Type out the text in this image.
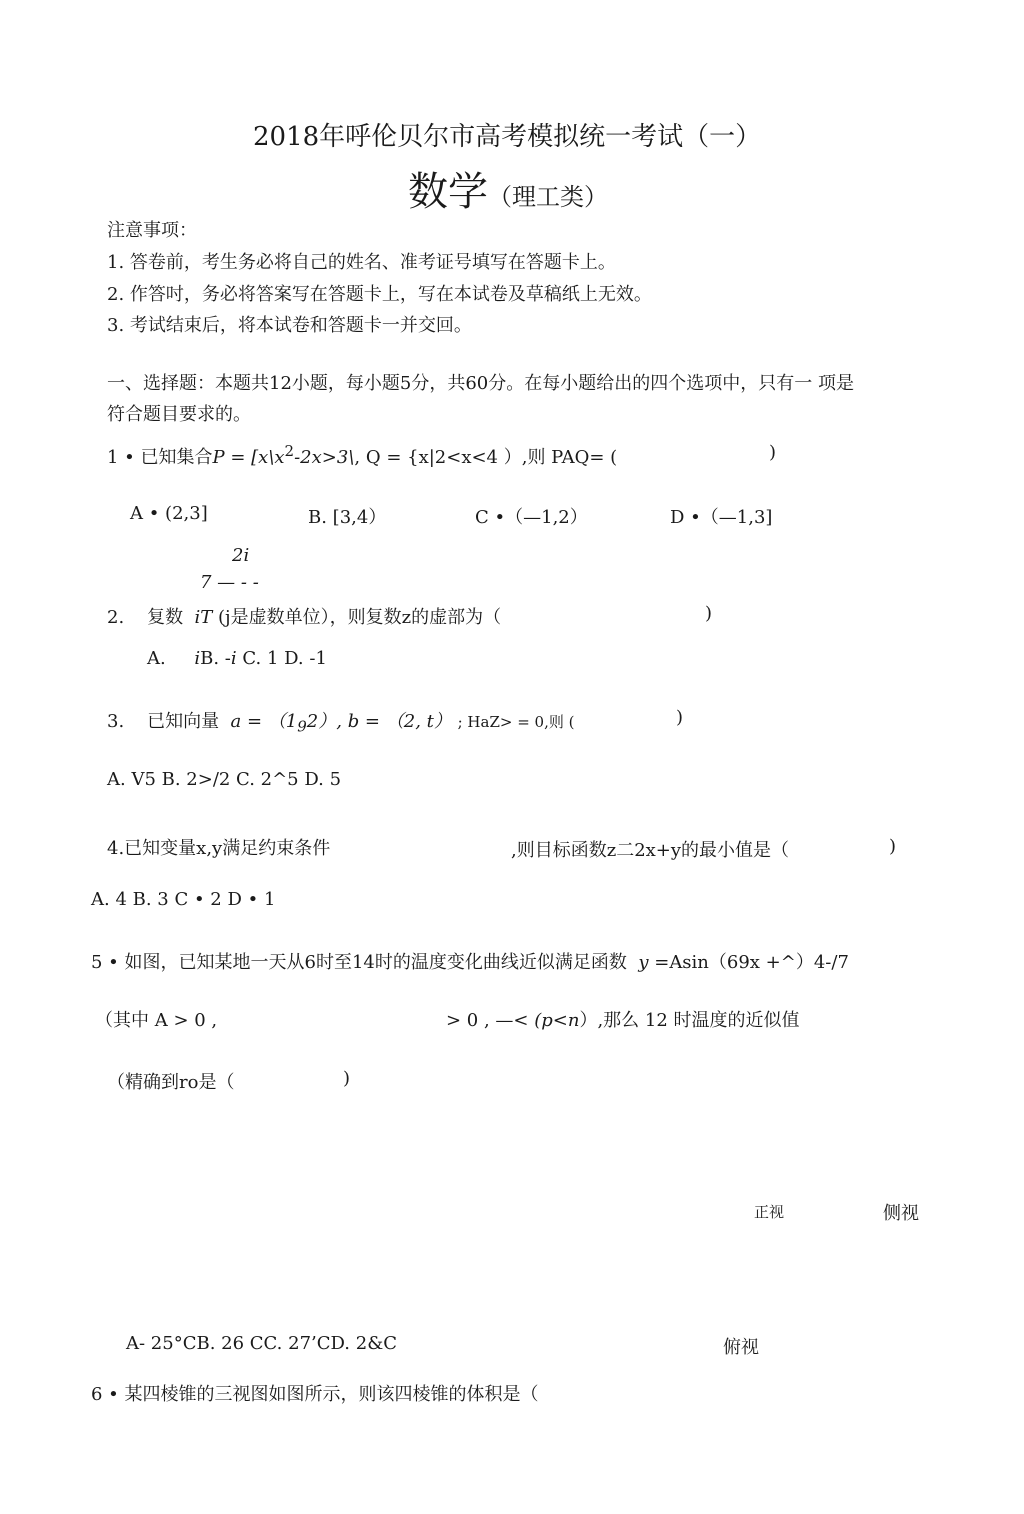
2018年呼伦贝尔市高考模拟统一考试（一）
数学（理工类）
注意事项：
1. 答卷前，考生务必将自己的姓名、准考证号填写在答题卡上。
2. 作答吋，务必将答案写在答题卡上，写在本试卷及草稿纸上无效。
3. 考试结束后，将本试卷和答题卡一并交回。
一、选择题：本题共12小题，每小题5分，共60分。在每小题给出的四个选项中，只有一 项是
符合题目要求的。
1 • 已知集合$P = [x\backslash x^2-2x>3\backslash$, Q = {x|2<x<4 ）,则 PAQ= (	)
A • (2,3]	B. [3,4）	C •（—1,2）	D •（—1,3]
2i
7 — - -
2. 复数 iT (j是虚数单位），则复数z的虚部为（	)
A. iB. -i C. 1 D. -1
3. 已知向量 $a = (1_92)$, b = （2, t） ; HaZ> = 0,则 (	)
A. V5 B. 2>/2 C. 2^5 D. 5
4.已知变量x,y满足约束条件	,则目标函数z二2x+y的最小值是（	)
A. 4 B. 3 C • 2 D • 1
5 • 如图，已知某地一天从6时至14时的温度变化曲线近似满足函数 y =Asin（69x +^）4-/7
（其中 A > 0 ,	> 0 , —< (p<n）,那么 12 时温度的近似值
（精确到ro是（	)
正视	侧视
A- 25°CB. 26 CC. 27’CD. 2&C	俯视
6 • 某四棱锥的三视图如图所示，则该四棱锥的体积是（
